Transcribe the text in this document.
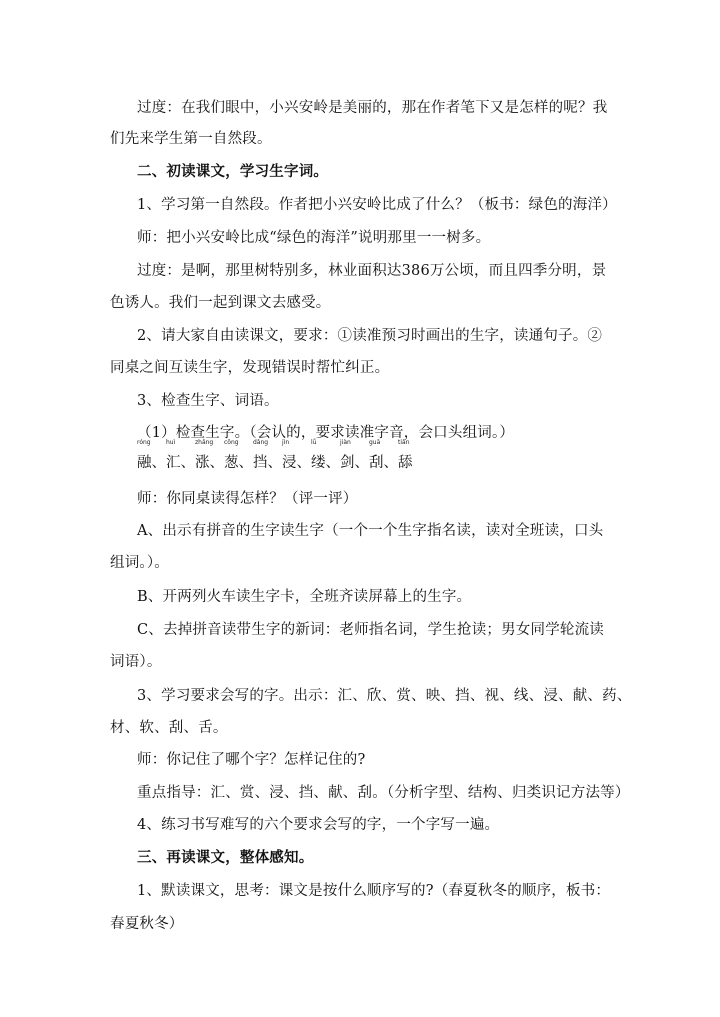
过度：在我们眼中，小兴安岭是美丽的，那在作者笔下又是怎样的呢？我
们先来学生第一自然段。
二、初读课文，学习生字词。
1、学习第一自然段。作者把小兴安岭比成了什么？（板书：绿色的海洋）
师：把小兴安岭比成“绿色的海洋”说明那里一一树多。
过度：是啊，那里树特别多，林业面积达386万公顷，而且四季分明，景
色诱人。我们一起到课文去感受。
2、请大家自由读课文，要求：①读准预习时画出的生字，读通句子。②
同桌之间互读生字，发现错误时帮忙纠正。
3、检查生字、词语。
（1）检查生字。（会认的，要求读准字音，会口头组词。）
róng
融、
huì
汇、
zhǎng
涨、
cōng
葱、
dǎng
挡、
jìn
浸、
lǚ
缕、
jiàn
剑、
guā
刮、
tiǎn
舔
师：你同桌读得怎样？（评一评）
A、出示有拼音的生字读生字（一个一个生字指名读，读对全班读，口头
组词。）。
B、开两列火车读生字卡，全班齐读屏幕上的生字。
C、去掉拼音读带生字的新词：老师指名词，学生抢读；男女同学轮流读
词语）。
3、学习要求会写的字。出示：汇、欣、赏、映、挡、视、线、浸、献、药、
材、软、刮、舌。
师：你记住了哪个字？怎样记住的?
重点指导：汇、赏、浸、挡、献、刮。（分析字型、结构、归类识记方法等）
4、练习书写难写的六个要求会写的字，一个字写一遍。
三、再读课文，整体感知。
1、默读课文，思考：课文是按什么顺序写的?（春夏秋冬的顺序，板书：
春夏秋冬）
